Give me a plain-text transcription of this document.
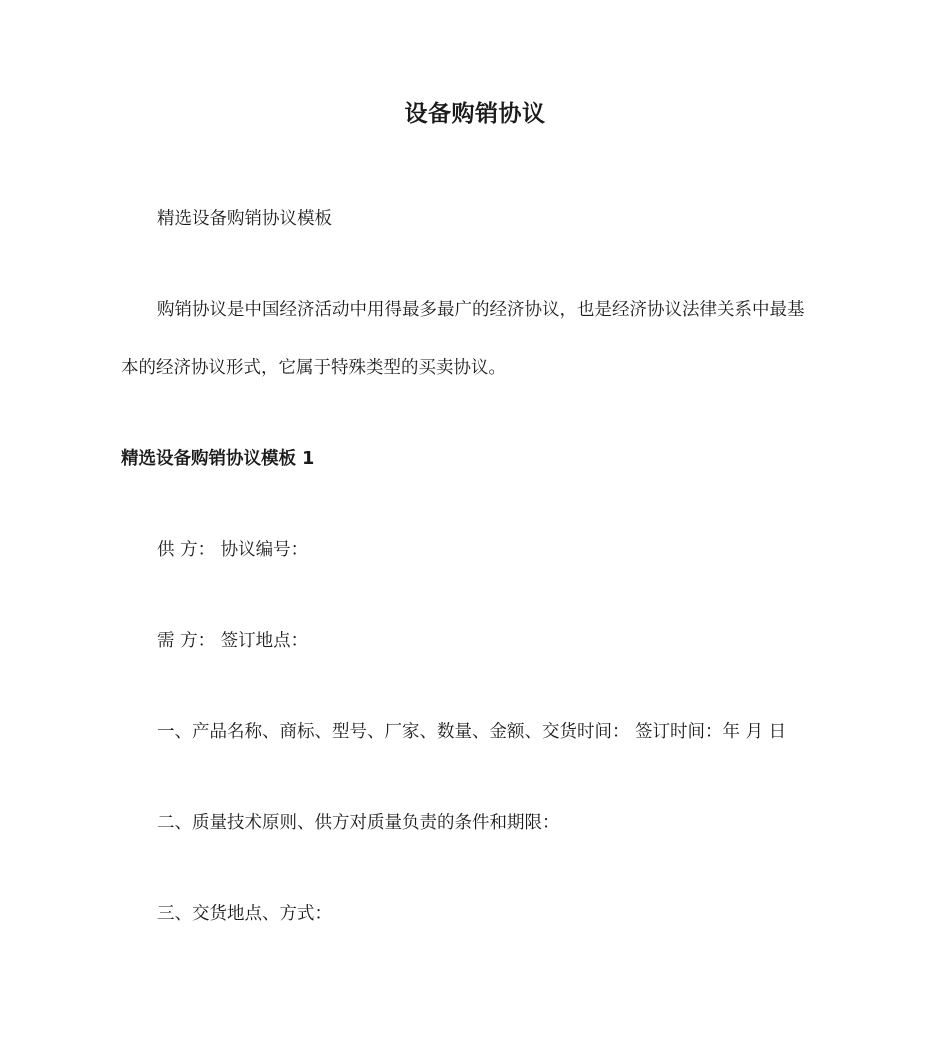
设备购销协议
精选设备购销协议模板
购销协议是中国经济活动中用得最多最广的经济协议，也是经济协议法律关系中最基
本的经济协议形式，它属于特殊类型的买卖协议。
精选设备购销协议模板 1
供 方： 协议编号：
需 方： 签订地点：
一、产品名称、商标、型号、厂家、数量、金额、交货时间： 签订时间：年 月 日
二、质量技术原则、供方对质量负责的条件和期限：
三、交货地点、方式：
